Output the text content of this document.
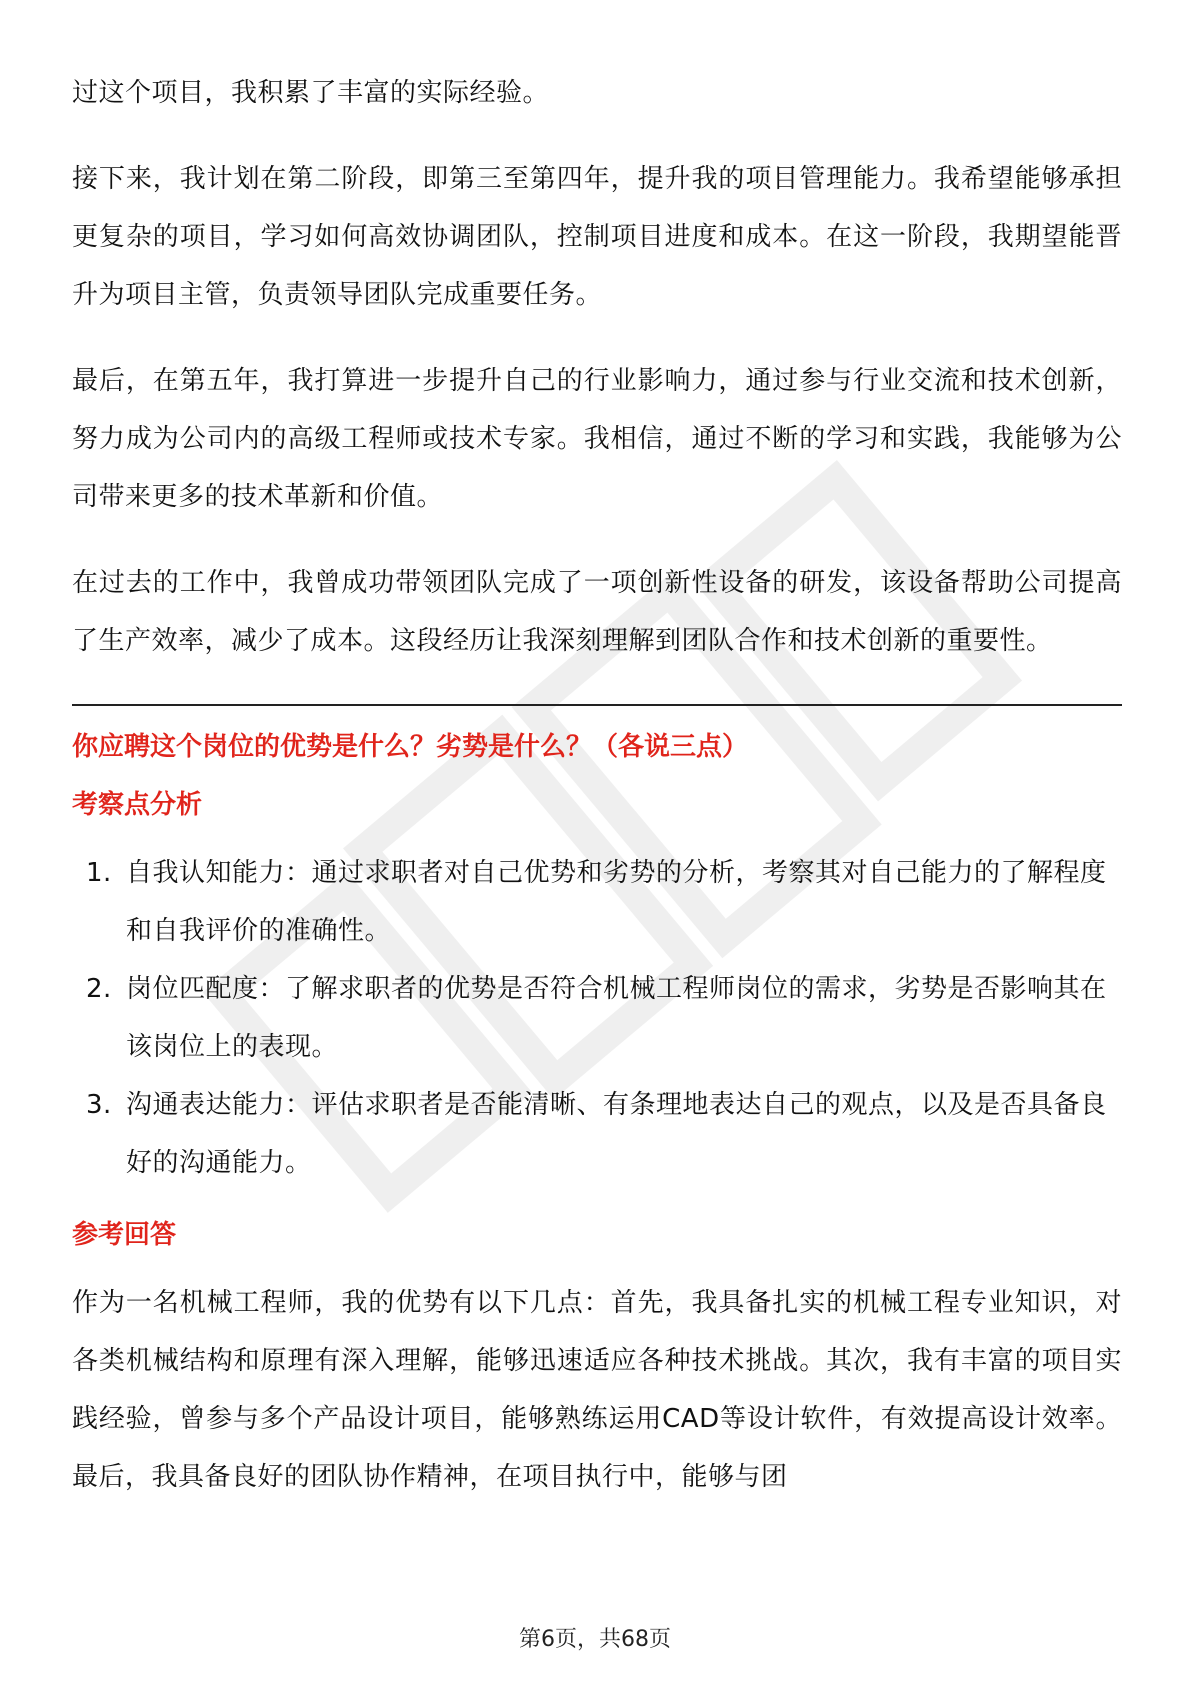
过这个项目，我积累了丰富的实际经验。

接下来，我计划在第二阶段，即第三至第四年，提升我的项目管理能力。我希望能够承担更复杂的项目，学习如何高效协调团队，控制项目进度和成本。在这一阶段，我期望能晋升为项目主管，负责领导团队完成重要任务。

最后，在第五年，我打算进一步提升自己的行业影响力，通过参与行业交流和技术创新，努力成为公司内的高级工程师或技术专家。我相信，通过不断的学习和实践，我能够为公司带来更多的技术革新和价值。

在过去的工作中，我曾成功带领团队完成了一项创新性设备的研发，该设备帮助公司提高了生产效率，减少了成本。这段经历让我深刻理解到团队合作和技术创新的重要性。

你应聘这个岗位的优势是什么？劣势是什么？（各说三点）
考察点分析
1. 自我认知能力：通过求职者对自己优势和劣势的分析，考察其对自己能力的了解程度和自我评价的准确性。
2. 岗位匹配度：了解求职者的优势是否符合机械工程师岗位的需求，劣势是否影响其在该岗位上的表现。
3. 沟通表达能力：评估求职者是否能清晰、有条理地表达自己的观点，以及是否具备良好的沟通能力。
参考回答

作为一名机械工程师，我的优势有以下几点：首先，我具备扎实的机械工程专业知识，对各类机械结构和原理有深入理解，能够迅速适应各种技术挑战。其次，我有丰富的项目实践经验，曾参与多个产品设计项目，能够熟练运用CAD等设计软件，有效提高设计效率。最后，我具备良好的团队协作精神，在项目执行中，能够与团

第6页，共68页
